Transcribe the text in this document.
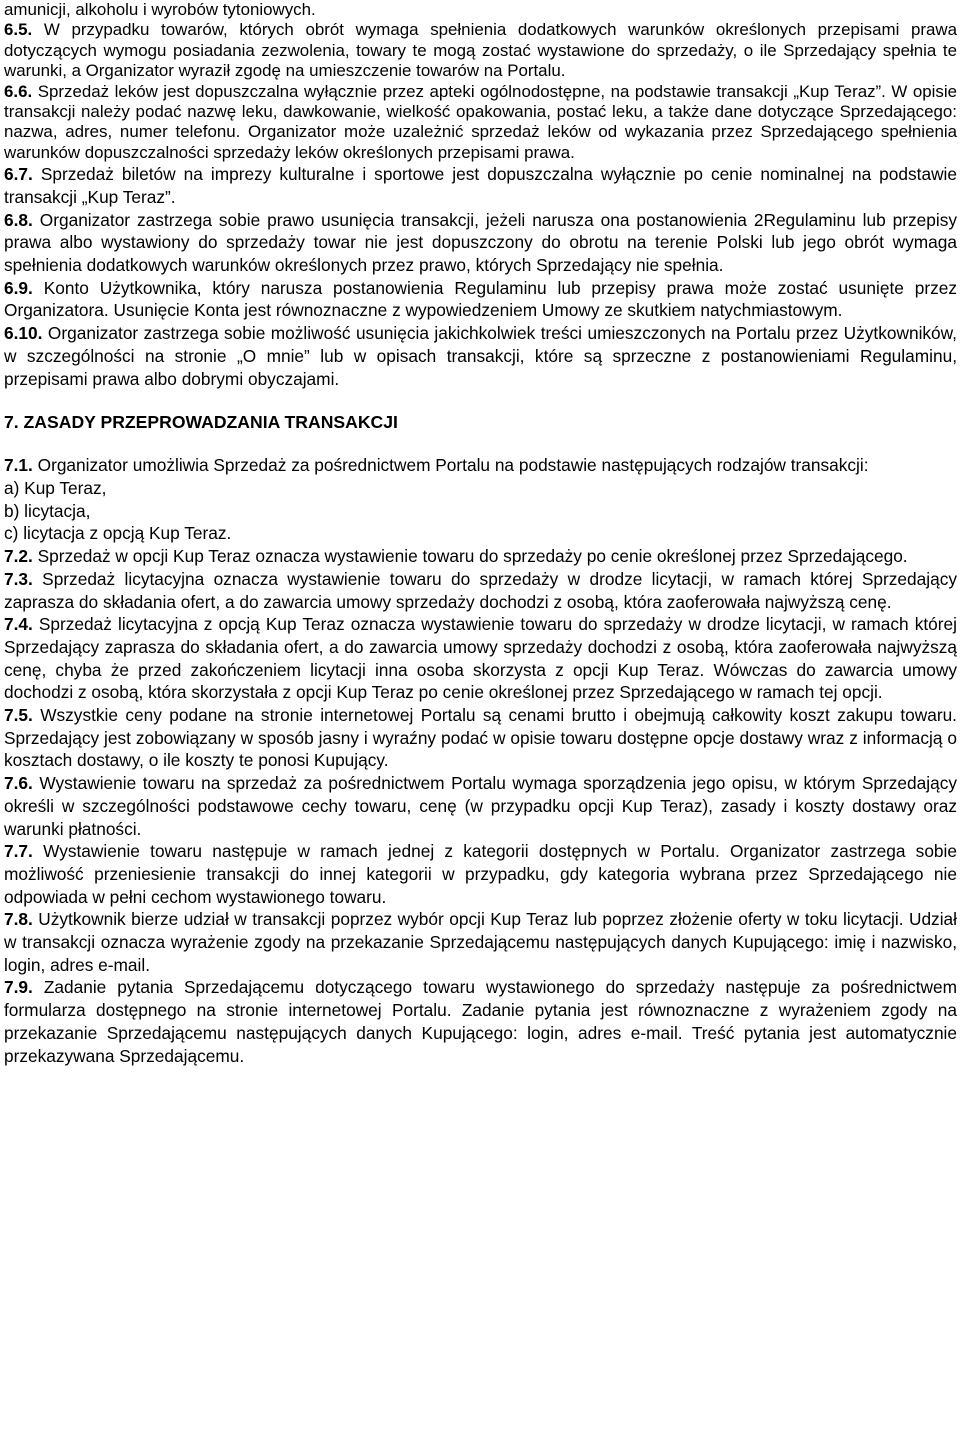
amunicji, alkoholu i wyrobów tytoniowych.

6.5. W przypadku towarów, których obrót wymaga spełnienia dodatkowych warunków określonych przepisami prawa dotyczących wymogu posiadania zezwolenia, towary te mogą zostać wystawione do sprzedaży, o ile Sprzedający spełnia te warunki, a Organizator wyraził zgodę na umieszczenie towarów na Portalu.

6.6. Sprzedaż leków jest dopuszczalna wyłącznie przez apteki ogólnodostępne, na podstawie transakcji „Kup Teraz”. W opisie transakcji należy podać nazwę leku, dawkowanie, wielkość opakowania, postać leku, a także dane dotyczące Sprzedającego: nazwa, adres, numer telefonu. Organizator może uzależnić sprzedaż leków od wykazania przez Sprzedającego spełnienia warunków dopuszczalności sprzedaży leków określonych przepisami prawa.

6.7. Sprzedaż biletów na imprezy kulturalne i sportowe jest dopuszczalna wyłącznie po cenie nominalnej na podstawie transakcji „Kup Teraz”.

6.8. Organizator zastrzega sobie prawo usunięcia transakcji, jeżeli narusza ona postanowienia 2Regulaminu lub przepisy prawa albo wystawiony do sprzedaży towar nie jest dopuszczony do obrotu na terenie Polski lub jego obrót wymaga spełnienia dodatkowych warunków określonych przez prawo, których Sprzedający nie spełnia.

6.9. Konto Użytkownika, który narusza postanowienia Regulaminu lub przepisy prawa może zostać usunięte przez Organizatora. Usunięcie Konta jest równoznaczne z wypowiedzeniem Umowy ze skutkiem natychmiastowym.

6.10. Organizator zastrzega sobie możliwość usunięcia jakichkolwiek treści umieszczonych na Portalu przez Użytkowników, w szczególności na stronie „O mnie” lub w opisach transakcji, które są sprzeczne z postanowieniami Regulaminu, przepisami prawa albo dobrymi obyczajami.

7. ZASADY PRZEPROWADZANIA TRANSAKCJI

7.1. Organizator umożliwia Sprzedaż za pośrednictwem Portalu na podstawie następujących rodzajów transakcji:

a) Kup Teraz,

b) licytacja,

c) licytacja z opcją Kup Teraz.

7.2. Sprzedaż w opcji Kup Teraz oznacza wystawienie towaru do sprzedaży po cenie określonej przez Sprzedającego.

7.3. Sprzedaż licytacyjna oznacza wystawienie towaru do sprzedaży w drodze licytacji, w ramach której Sprzedający zaprasza do składania ofert, a do zawarcia umowy sprzedaży dochodzi z osobą, która zaoferowała najwyższą cenę.

7.4. Sprzedaż licytacyjna z opcją Kup Teraz oznacza wystawienie towaru do sprzedaży w drodze licytacji, w ramach której Sprzedający zaprasza do składania ofert, a do zawarcia umowy sprzedaży dochodzi z osobą, która zaoferowała najwyższą cenę, chyba że przed zakończeniem licytacji inna osoba skorzysta z opcji Kup Teraz. Wówczas do zawarcia umowy dochodzi z osobą, która skorzystała z opcji Kup Teraz po cenie określonej przez Sprzedającego w ramach tej opcji.

7.5. Wszystkie ceny podane na stronie internetowej Portalu są cenami brutto i obejmują całkowity koszt zakupu towaru. Sprzedający jest zobowiązany w sposób jasny i wyraźny podać w opisie towaru dostępne opcje dostawy wraz z informacją o kosztach dostawy, o ile koszty te ponosi Kupujący.

7.6. Wystawienie towaru na sprzedaż za pośrednictwem Portalu wymaga sporządzenia jego opisu, w którym Sprzedający określi w szczególności podstawowe cechy towaru, cenę (w przypadku opcji Kup Teraz), zasady i koszty dostawy oraz warunki płatności.

7.7. Wystawienie towaru następuje w ramach jednej z kategorii dostępnych w Portalu. Organizator zastrzega sobie możliwość przeniesienie transakcji do innej kategorii w przypadku, gdy kategoria wybrana przez Sprzedającego nie odpowiada w pełni cechom wystawionego towaru.

7.8. Użytkownik bierze udział w transakcji poprzez wybór opcji Kup Teraz lub poprzez złożenie oferty w toku licytacji. Udział w transakcji oznacza wyrażenie zgody na przekazanie Sprzedającemu następujących danych Kupującego: imię i nazwisko, login, adres e-mail.

7.9. Zadanie pytania Sprzedającemu dotyczącego towaru wystawionego do sprzedaży następuje za pośrednictwem formularza dostępnego na stronie internetowej Portalu. Zadanie pytania jest równoznaczne z wyrażeniem zgody na przekazanie Sprzedającemu następujących danych Kupującego: login, adres e-mail. Treść pytania jest automatycznie przekazywana Sprzedającemu.
